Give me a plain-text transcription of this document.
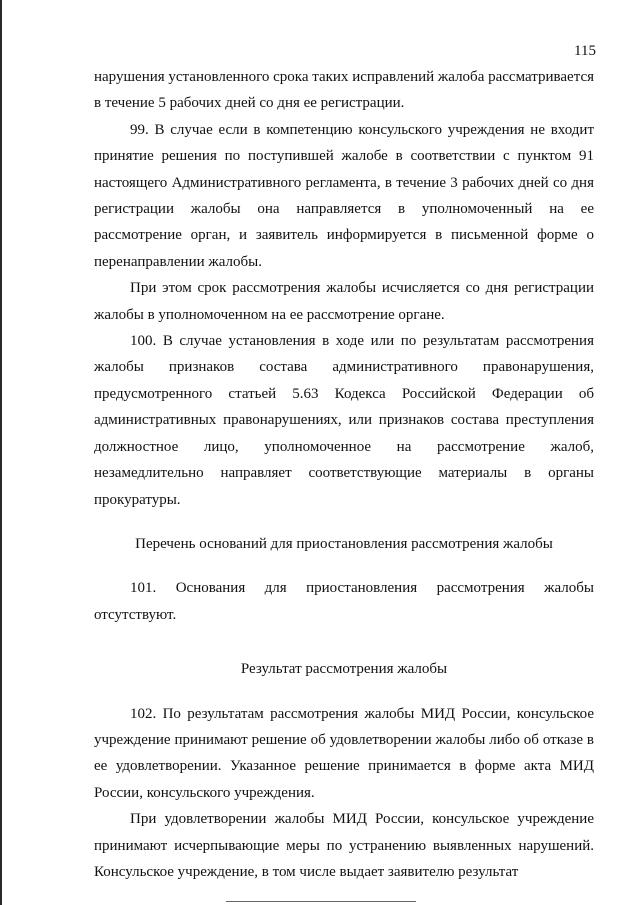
115

нарушения установленного срока таких исправлений жалоба рассматривается в течение 5 рабочих дней со дня ее регистрации.

99. В случае если в компетенцию консульского учреждения не входит принятие решения по поступившей жалобе в соответствии с пунктом 91 настоящего Административного регламента, в течение 3 рабочих дней со дня регистрации жалобы она направляется в уполномоченный на ее рассмотрение орган, и заявитель информируется в письменной форме о перенаправлении жалобы.

При этом срок рассмотрения жалобы исчисляется со дня регистрации жалобы в уполномоченном на ее рассмотрение органе.

100. В случае установления в ходе или по результатам рассмотрения жалобы признаков состава административного правонарушения, предусмотренного статьей 5.63 Кодекса Российской Федерации об административных правонарушениях, или признаков состава преступления должностное лицо, уполномоченное на рассмотрение жалоб, незамедлительно направляет соответствующие материалы в органы прокуратуры.

Перечень оснований для приостановления рассмотрения жалобы

101. Основания для приостановления рассмотрения жалобы отсутствуют.

Результат рассмотрения жалобы

102. По результатам рассмотрения жалобы МИД России, консульское учреждение принимают решение об удовлетворении жалобы либо об отказе в ее удовлетворении. Указанное решение принимается в форме акта МИД России, консульского учреждения.

При удовлетворении жалобы МИД России, консульское учреждение принимают исчерпывающие меры по устранению выявленных нарушений. Консульское учреждение, в том числе выдает заявителю результат
